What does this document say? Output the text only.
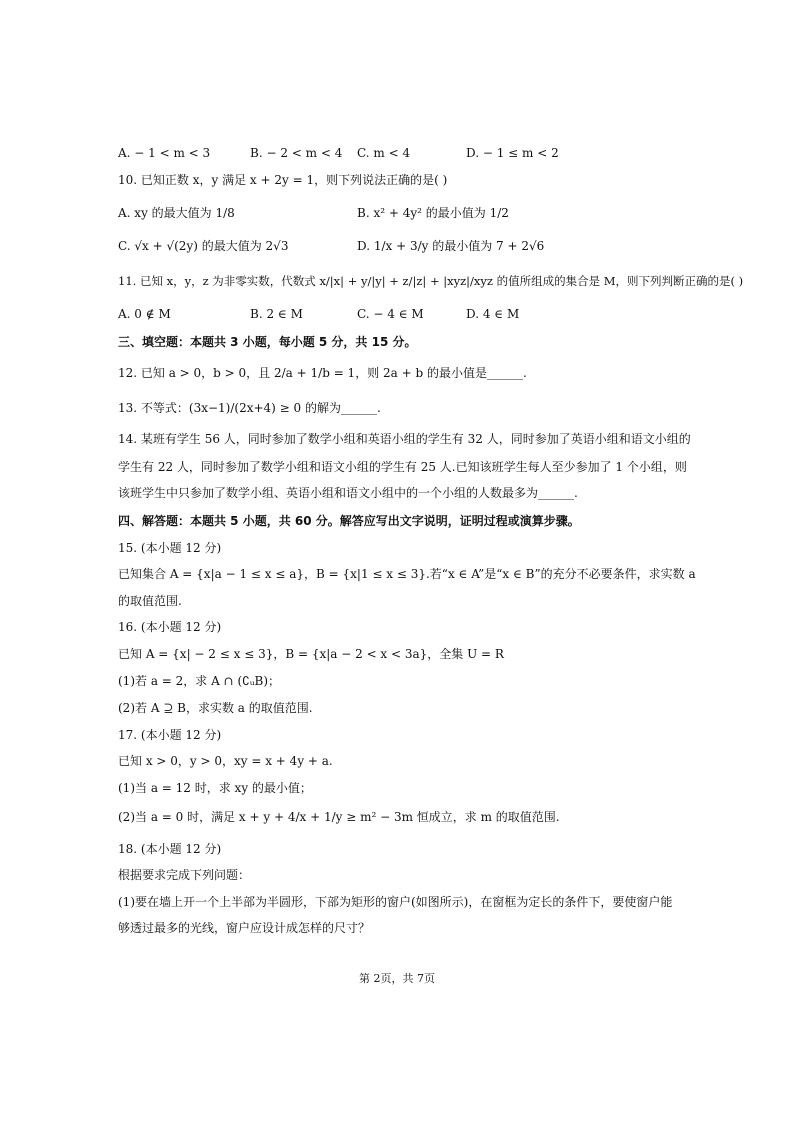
A. − 1 < m < 3	B. − 2 < m < 4 C. m < 4	D. − 1 ≤ m < 2
10. 已知正数 x，y 满足 x + 2y = 1，则下列说法正确的是( )
A. xy 的最大值为 1/8	B. x² + 4y² 的最小值为 1/2
C. √x + √(2y) 的最大值为 2√3	D. 1/x + 3/y 的最小值为 7 + 2√6
11. 已知 x，y，z 为非零实数，代数式 x/|x| + y/|y| + z/|z| + |xyz|/xyz 的值所组成的集合是 M，则下列判断正确的是( )
A. 0 ∉ M	B. 2 ∈ M	C. − 4 ∈ M	D. 4 ∈ M
三、填空题：本题共 3 小题，每小题 5 分，共 15 分。
12. 已知 a > 0，b > 0，且 2/a + 1/b = 1，则 2a + b 的最小值是______.
13. 不等式：(3x−1)/(2x+4) ≥ 0 的解为______.
14. 某班有学生 56 人，同时参加了数学小组和英语小组的学生有 32 人，同时参加了英语小组和语文小组的
学生有 22 人，同时参加了数学小组和语文小组的学生有 25 人.已知该班学生每人至少参加了 1 个小组，则
该班学生中只参加了数学小组、英语小组和语文小组中的一个小组的人数最多为______.
四、解答题：本题共 5 小题，共 60 分。解答应写出文字说明，证明过程或演算步骤。
15. (本小题 12 分)
已知集合 A = {x|a − 1 ≤ x ≤ a}，B = {x|1 ≤ x ≤ 3}.若“x ∈ A”是“x ∈ B”的充分不必要条件，求实数 a
的取值范围.
16. (本小题 12 分)
已知 A = {x| − 2 ≤ x ≤ 3}，B = {x|a − 2 < x < 3a}，全集 U = R
(1)若 a = 2，求 A ∩ (∁ᵤB)；
(2)若 A ⊇ B，求实数 a 的取值范围.
17. (本小题 12 分)
已知 x > 0，y > 0，xy = x + 4y + a.
(1)当 a = 12 时，求 xy 的最小值；
(2)当 a = 0 时，满足 x + y + 4/x + 1/y ≥ m² − 3m 恒成立，求 m 的取值范围.
18. (本小题 12 分)
根据要求完成下列问题：
(1)要在墙上开一个上半部为半圆形，下部为矩形的窗户(如图所示)，在窗框为定长的条件下，要使窗户能
够透过最多的光线，窗户应设计成怎样的尺寸？
第 2页，共 7页
